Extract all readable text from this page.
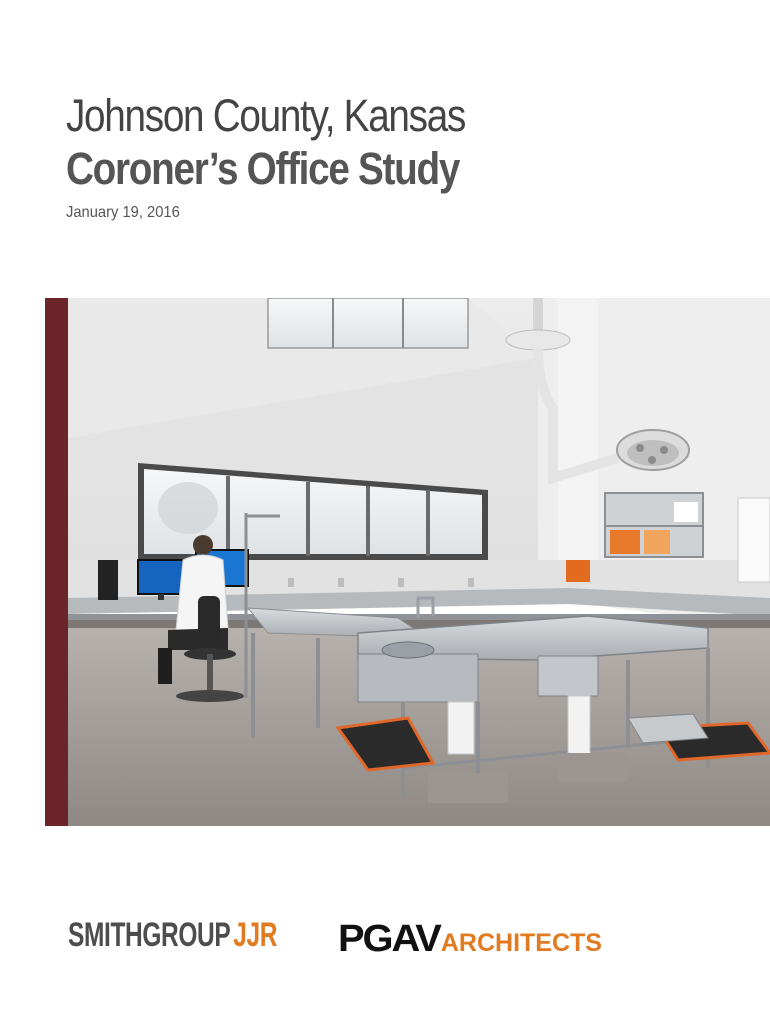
Johnson County, Kansas
Coroner’s Office Study
January 19, 2016
SMITHGROUPJJR PGAVARCHITECTS
